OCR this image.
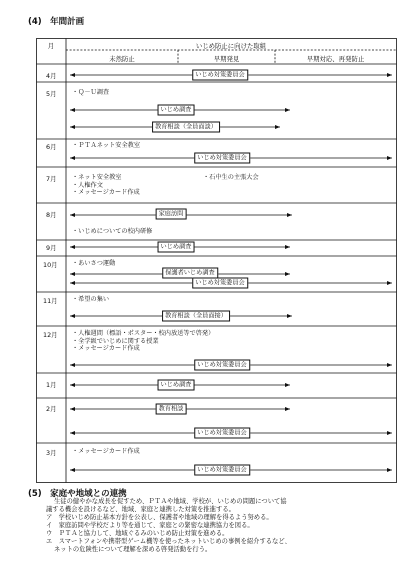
(4)　年間計画
月	いじめ防止に向けた取組
未然防止	早期発見	早期対応、再発防止
4月	いじめ対策委員会
5月	・Ｑ－Ｕ調査
いじめ調査
教育相談（全員面談）
6月	・ＰＴＡネット安全教室
いじめ対策委員会
7月	・ネット安全教室
・人権作文
・メッセージカード作成
・石中生の主張大会
8月	家庭訪問
・いじめについての校内研修
9月	いじめ調査
10月 ・あいさつ運動
保護者いじめ調査
いじめ対策委員会
11月 ・希望の集い
教育相談（全員面接）
12月 ・人権週間（標語・ポスター・校内放送等で啓発）
・全学級でいじめに関する授業
・メッセージカード作成
いじめ対策委員会
1月	いじめ調査
2月	教育相談
いじめ対策委員会
3月	・メッセージカード作成
いじめ対策委員会
(5)　家庭や地域との連携
生徒の健やかな成長を促すため、ＰＴＡや地域、学校が、いじめの問題について協
議する機会を設けるなど、地域、家庭と連携した対策を推進する。
ア　学校いじめ防止基本方針を公表し、保護者や地域の理解を得るよう努める。
イ　家庭訪問や学校だより等を通じて、家庭との緊密な連携協力を図る。
ウ　ＰＴＡと協力して、地域ぐるみのいじめ防止対策を進める。
エ　スマートフォンや携帯型ゲーム機等を使ったネットいじめの事例を紹介するなど、
ネットの危険性について理解を深める啓発活動を行う。
